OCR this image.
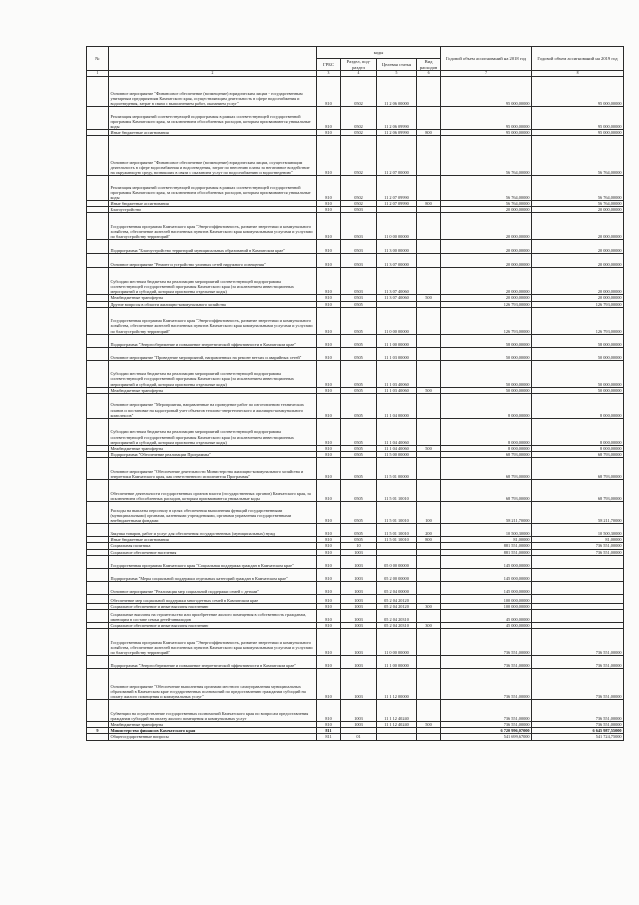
№		коды				Годовой объем ассигнований на 2018 год	Годовой объем ассигнований на 2019 год
		ГРБС	Раздел, под-раздел	Целевая статья	Вид расходов		
1	2	3	4	5	6	7	8
	Основное мероприятие "Финансовое обеспечение (возмещение) юридическим лицам - государственным унитарным предприятиям Камчатского края, осуществляющим деятельность в сфере водоснабжения и водоотведения, затрат в связи с выполнением работ, оказанием услуг"	810	0502	11 2 06 00000		95 000,00000	95 000,00000
	Реализация мероприятий соответствующей подпрограммы в рамках соответствующей государственной программы Камчатского края, за исключением обособленных расходов, которым присваиваются уникальные коды	810	0502	11 2 06 09990		95 000,00000	95 000,00000
	Иные бюджетные ассигнования	810	0502	11 2 06 09990	800	95 000,00000	95 000,00000
	Основное мероприятие "Финансовое обеспечение (возмещение) юридическим лицам, осуществляющим деятельность в сфере водоснабжения и водоотведения, затрат по внесению платы за негативное воздействие на окружающую среду, возникших в связи с оказанием услуг по водоснабжению и водоотведению"	810	0502	11 2 07 00000		56 764,00000	56 764,00000
	Реализация мероприятий соответствующей подпрограммы в рамках соответствующей государственной программы Камчатского края, за исключением обособленных расходов, которым присваиваются уникальные коды	810	0502	11 2 07 09990		56 764,00000	56 764,00000
	Иные бюджетные ассигнования	810	0502	11 2 07 09990	800	56 764,00000	56 764,00000
	Благоустройство	810	0503			20 000,00000	20 000,00000
	Государственная программа Камчатского края "Энергоэффективность, развитие энергетики и коммунального хозяйства, обеспечение жителей населенных пунктов Камчатского края коммунальными услугами и услугами по благоустройству территорий"	810	0503	11 0 00 00000		20 000,00000	20 000,00000
	Подпрограмма "Благоустройство территорий муниципальных образований в Камчатском крае"	810	0503	11 3 00 00000		20 000,00000	20 000,00000
	Основное мероприятие "Ремонт и устройство уличных сетей наружного освещения"	810	0503	11 3 07 00000		20 000,00000	20 000,00000
	Субсидии местным бюджетам на реализацию мероприятий соответствующей подпрограммы соответствующей государственной программы Камчатского края (за исключением инвестиционных мероприятий и субсидий, которым присвоены отдельные коды)	810	0503	11 3 07 40060		20 000,00000	20 000,00000
	Межбюджетные трансферты	810	0503	11 3 07 40060	500	20 000,00000	20 000,00000
	Другие вопросы в области жилищно-коммунального хозяйства	810	0505			126 793,00000	126 793,00000
	Государственная программа Камчатского края "Энергоэффективность, развитие энергетики и коммунального хозяйства, обеспечение жителей населенных пунктов Камчатского края коммунальными услугами и услугами по благоустройству территорий"	810	0505	11 0 00 00000		126 793,00000	126 793,00000
	Подпрограмма "Энергосбережение и повышение энергетической эффективности в Камчатском крае"	810	0505	11 1 00 00000		58 000,00000	58 000,00000
	Основное мероприятие "Проведение мероприятий, направленных на ремонт ветхих и аварийных сетей"	810	0505	11 1 03 00000		50 000,00000	50 000,00000
	Субсидии местным бюджетам на реализацию мероприятий соответствующей подпрограммы соответствующей государственной программы Камчатского края (за исключением инвестиционных мероприятий и субсидий, которым присвоены отдельные коды)	810	0505	11 1 03 40060		50 000,00000	50 000,00000
	Межбюджетные трансферты	810	0505	11 1 03 40060	500	50 000,00000	50 000,00000
	Основное мероприятие "Мероприятия, направленные на проведение работ по изготовлению технических планов и постановке на кадастровый учет объектов теплово-энергетического и жилищно-коммунального комплексов"	810	0505	11 1 04 00000		8 000,00000	8 000,00000
	Субсидии местным бюджетам на реализацию мероприятий соответствующей подпрограммы соответствующей государственной программы Камчатского края (за исключением инвестиционных мероприятий и субсидий, которым присвоены отдельные коды)	810	0505	11 1 04 40060		8 000,00000	8 000,00000
	Межбюджетные трансферты	810	0505	11 1 04 40060	500	8 000,00000	8 000,00000
	Подпрограмма "Обеспечение реализации Программы"	810	0505	11 5 00 00000		68 793,00000	68 793,00000
	Основное мероприятие "Обеспечение деятельности Министерства жилищно-коммунального хозяйства и энергетики Камчатского края, как ответственного исполнителя Программы"	810	0505	11 5 01 00000		68 793,00000	68 793,00000
	Обеспечение деятельности государственных органов власти (государственных органов) Камчатского края, за исключением обособленных расходов, которым присваиваются уникальные коды	810	0505	11 5 01 10010		68 793,00000	68 793,00000
	Расходы на выплаты персоналу в целях обеспечения выполнения функций государственными (муниципальными) органами, казенными учреждениями, органами управления государственными внебюджетными фондами	810	0505	11 5 01 10010	100	58 211,70000	58 211,70000
	Закупка товаров, работ и услуг для обеспечения государственных (муниципальных) нужд	810	0505	11 5 01 10010	200	10 500,30000	10 500,30000
	Иные бюджетные ассигнования	810	0505	11 5 01 10010	800	81,00000	81,00000
	Социальная политика	810	10			881 551,00000	736 551,00000
	Социальное обеспечение населения	810	1003			881 551,00000	736 551,00000
	Государственная программа Камчатского края "Социальная поддержка граждан в Камчатском крае"	810	1003	05 0 00 00000		145 000,00000	
	Подпрограмма "Меры социальной поддержки отдельных категорий граждан в Камчатском крае"	810	1003	05 2 00 00000		145 000,00000	
	Основное мероприятие "Реализация мер социальной поддержки семей с детьми"	810	1003	05 2 04 00000		145 000,00000	
	Обеспечение мер социальной поддержки многодетных семей в Камчатском крае	810	1003	05 2 04 20120		100 000,00000	
	Социальное обеспечение и иные выплаты населению	810	1003	05 2 04 20120	300	100 000,00000	
	Социальные выплаты на строительство или приобретение жилого помещения в собственность гражданам, имеющим в составе семьи детей-инвалидов	810	1003	05 2 04 20310		45 000,00000	
	Социальное обеспечение и иные выплаты населению	810	1003	05 2 04 20310	300	45 000,00000	
	Государственная программа Камчатского края "Энергоэффективность, развитие энергетики и коммунального хозяйства, обеспечение жителей населенных пунктов Камчатского края коммунальными услугами и услугами по благоустройству территорий"	810	1003	11 0 00 00000		736 551,00000	736 551,00000
	Подпрограмма "Энергосбережение и повышение энергетической эффективности в Камчатском крае"	810	1003	11 1 00 00000		736 551,00000	736 551,00000
	Основное мероприятие "Обеспечение выполнения органами местного самоуправления муниципальных образований в Камчатском крае государственных полномочий по предоставлению гражданам субсидий на оплату жилого помещения и коммунальных услуг"	810	1003	11 1 12 00000		736 551,00000	736 551,00000
	Субвенции на осуществление государственных полномочий Камчатского края по вопросам предоставления гражданам субсидий на оплату жилого помещения и коммунальных услуг	810	1003	11 1 12 40240		736 551,00000	736 551,00000
	Межбюджетные трансферты	810	1003	11 1 12 40240	500	736 551,00000	736 551,00000
9	Министерство финансов Камчатского края	811				6 720 996,07000	6 645 987,55000
	Общегосударственные вопросы	811	01			541 699,67000	541 724,75000
